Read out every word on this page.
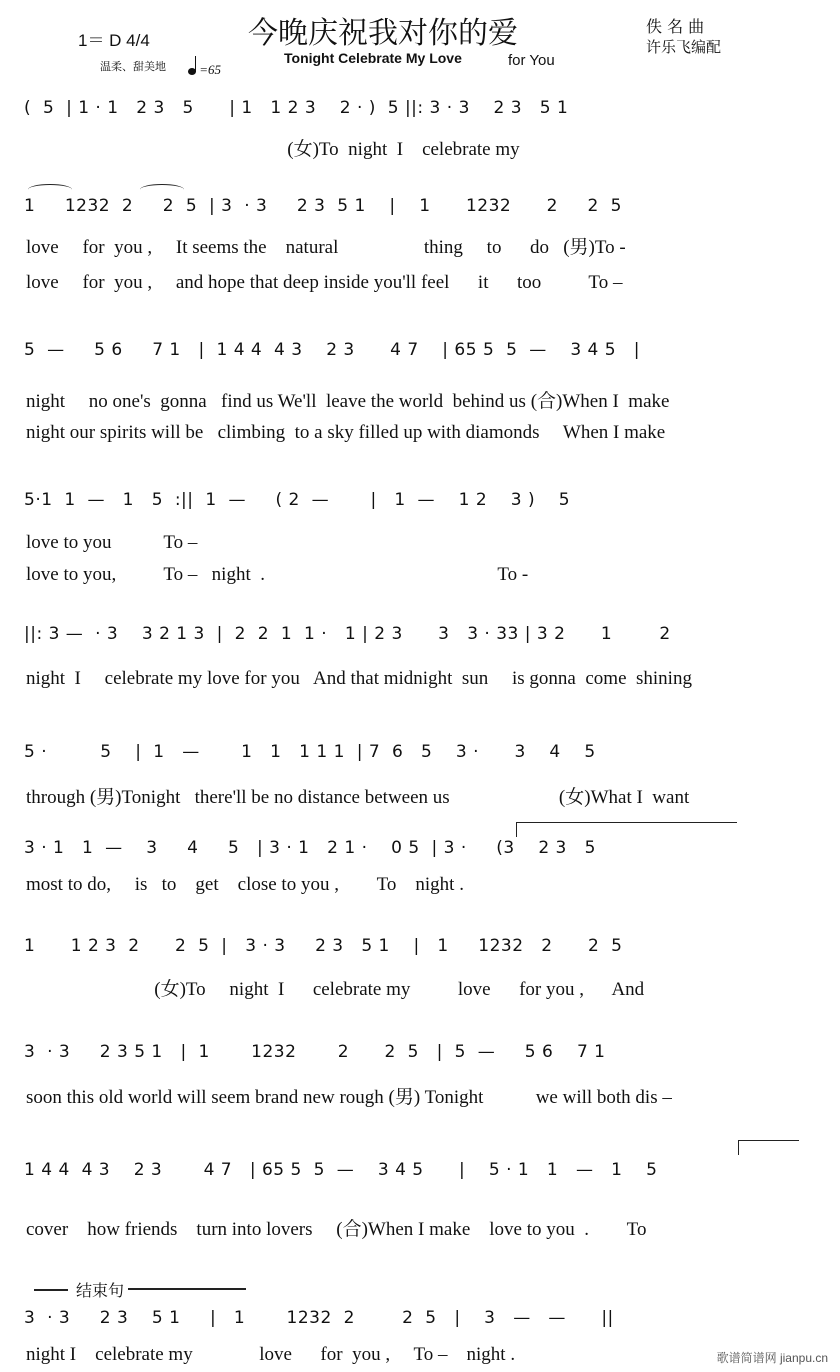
1＝ D 4/4	今晚庆祝我对你的爱
温柔、甜美地	=65
Tonight Celebrate My Love	for You
佚 名 曲
许乐飞编配
(  5  | 1 · 1   2 3   5      | 1   1 2 3    2 · )  5 ||: 3 · 3    2 3   5 1
(女)To  night  I    celebrate my
1     1232  2     2  5  | 3  · 3     2 3  5 1    |    1      1232      2     2  5
love     for  you ,     It seems the    natural                  thing     to      do   (男)To -
love     for  you ,     and hope that deep inside you'll feel      it      too          To –
5  —     5 6     7 1   |  1 4 4  4 3    2 3      4 7    | 65 5  5  —    3 4 5   |
night     no one's  gonna   find us We'll  leave the world  behind us (合)When I  make
night our spirits will be   climbing  to a sky filled up with diamonds     When I make
5·1  1  —   1   5  :||  1  —     ( 2  —       |   1  —    1 2    3 )    5
love to you           To –
love to you,          To –   night  .                                                 To -
||: 3 —  · 3    3 2 1 3  |  2  2  1  1 ·   1 | 2 3      3   3 · 33 | 3 2      1        2
night  I     celebrate my love for you   And that midnight  sun     is gonna  come  shining
5 ·         5    |  1   —       1   1   1 1 1  | 7  6   5    3 ·      3    4    5
through (男)Tonight   there'll be no distance between us                       (女)What I  want
3 · 1   1  —    3     4     5   | 3 · 1   2 1 ·    0 5  | 3 ·     (3    2 3   5
most to do,     is   to    get    close to you ,        To    night .
1      1 2 3  2      2  5  |   3 · 3     2 3   5 1    |   1     1232   2      2  5
(女)To     night  I      celebrate my          love      for you ,      And
3  · 3     2 3 5 1   |  1       1232       2      2  5   |  5  —     5 6    7 1
soon this old world will seem brand new rough (男) Tonight           we will both dis –
1 4 4  4 3    2 3       4 7   | 65 5  5  —    3 4 5      |    5 · 1   1   —   1    5
cover    how friends    turn into lovers     (合)When I make    love to you  .        To
结束句
3  · 3     2 3    5 1     |   1       1232  2        2  5   |    3   —   —      ||
night I    celebrate my              love      for  you ,     To –    night .	歌谱简谱网 jianpu.cn
